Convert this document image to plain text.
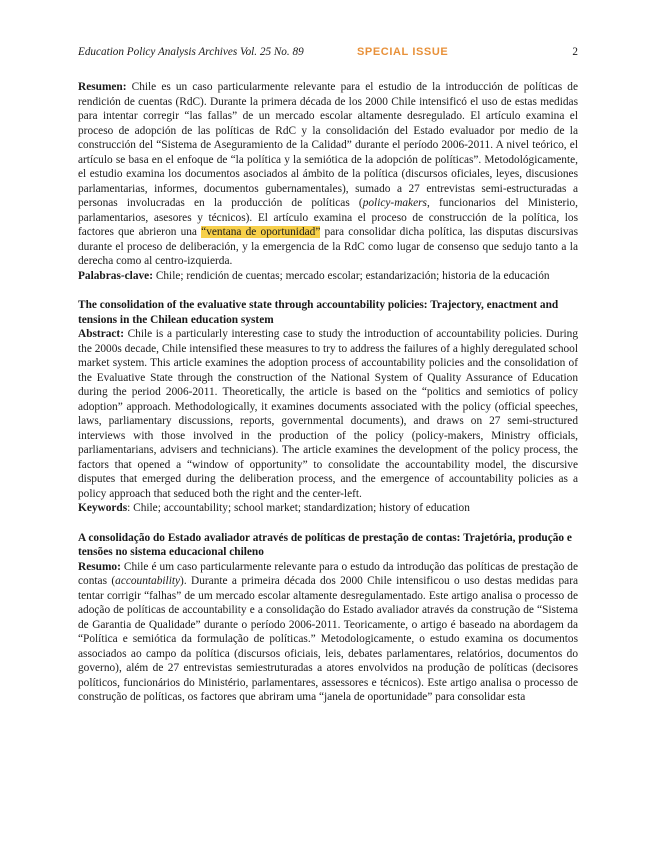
Education Policy Analysis Archives Vol. 25 No. 89	SPECIAL ISSUE	2

Resumen: Chile es un caso particularmente relevante para el estudio de la introducción de políticas de rendición de cuentas (RdC). Durante la primera década de los 2000 Chile intensificó el uso de estas medidas para intentar corregir “las fallas” de un mercado escolar altamente desregulado. El artículo examina el proceso de adopción de las políticas de RdC y la consolidación del Estado evaluador por medio de la construcción del “Sistema de Aseguramiento de la Calidad” durante el período 2006-2011. A nivel teórico, el artículo se basa en el enfoque de “la política y la semiótica de la adopción de políticas”. Metodológicamente, el estudio examina los documentos asociados al ámbito de la política (discursos oficiales, leyes, discusiones parlamentarias, informes, documentos gubernamentales), sumado a 27 entrevistas semi-estructuradas a personas involucradas en la producción de políticas (policy-makers, funcionarios del Ministerio, parlamentarios, asesores y técnicos). El artículo examina el proceso de construcción de la política, los factores que abrieron una “ventana de oportunidad” para consolidar dicha política, las disputas discursivas durante el proceso de deliberación, y la emergencia de la RdC como lugar de consenso que sedujo tanto a la derecha como al centro-izquierda.

Palabras-clave: Chile; rendición de cuentas; mercado escolar; estandarización; historia de la educación

The consolidation of the evaluative state through accountability policies: Trajectory, enactment and tensions in the Chilean education system

Abstract: Chile is a particularly interesting case to study the introduction of accountability policies. During the 2000s decade, Chile intensified these measures to try to address the failures of a highly deregulated school market system. This article examines the adoption process of accountability policies and the consolidation of the Evaluative State through the construction of the National System of Quality Assurance of Education during the period 2006-2011. Theoretically, the article is based on the “politics and semiotics of policy adoption” approach. Methodologically, it examines documents associated with the policy (official speeches, laws, parliamentary discussions, reports, governmental documents), and draws on 27 semi-structured interviews with those involved in the production of the policy (policy-makers, Ministry officials, parliamentarians, advisers and technicians). The article examines the development of the policy process, the factors that opened a “window of opportunity” to consolidate the accountability model, the discursive disputes that emerged during the deliberation process, and the emergence of accountability policies as a policy approach that seduced both the right and the center-left.

Keywords: Chile; accountability; school market; standardization; history of education

A consolidação do Estado avaliador através de políticas de prestação de contas: Trajetória, produção e tensões no sistema educacional chileno

Resumo: Chile é um caso particularmente relevante para o estudo da introdução das políticas de prestação de contas (accountability). Durante a primeira década dos 2000 Chile intensificou o uso destas medidas para tentar corrigir “falhas” de um mercado escolar altamente desregulamentado. Este artigo analisa o processo de adoção de políticas de accountability e a consolidação do Estado avaliador através da construção de “Sistema de Garantia de Qualidade” durante o período 2006-2011. Teoricamente, o artigo é baseado na abordagem da “Política e semiótica da formulação de políticas.” Metodologicamente, o estudo examina os documentos associados ao campo da política (discursos oficiais, leis, debates parlamentares, relatórios, documentos do governo), além de 27 entrevistas semiestruturadas a atores envolvidos na produção de políticas (decisores políticos, funcionários do Ministério, parlamentares, assessores e técnicos). Este artigo analisa o processo de construção de políticas, os factores que abriram uma “janela de oportunidade” para consolidar esta
